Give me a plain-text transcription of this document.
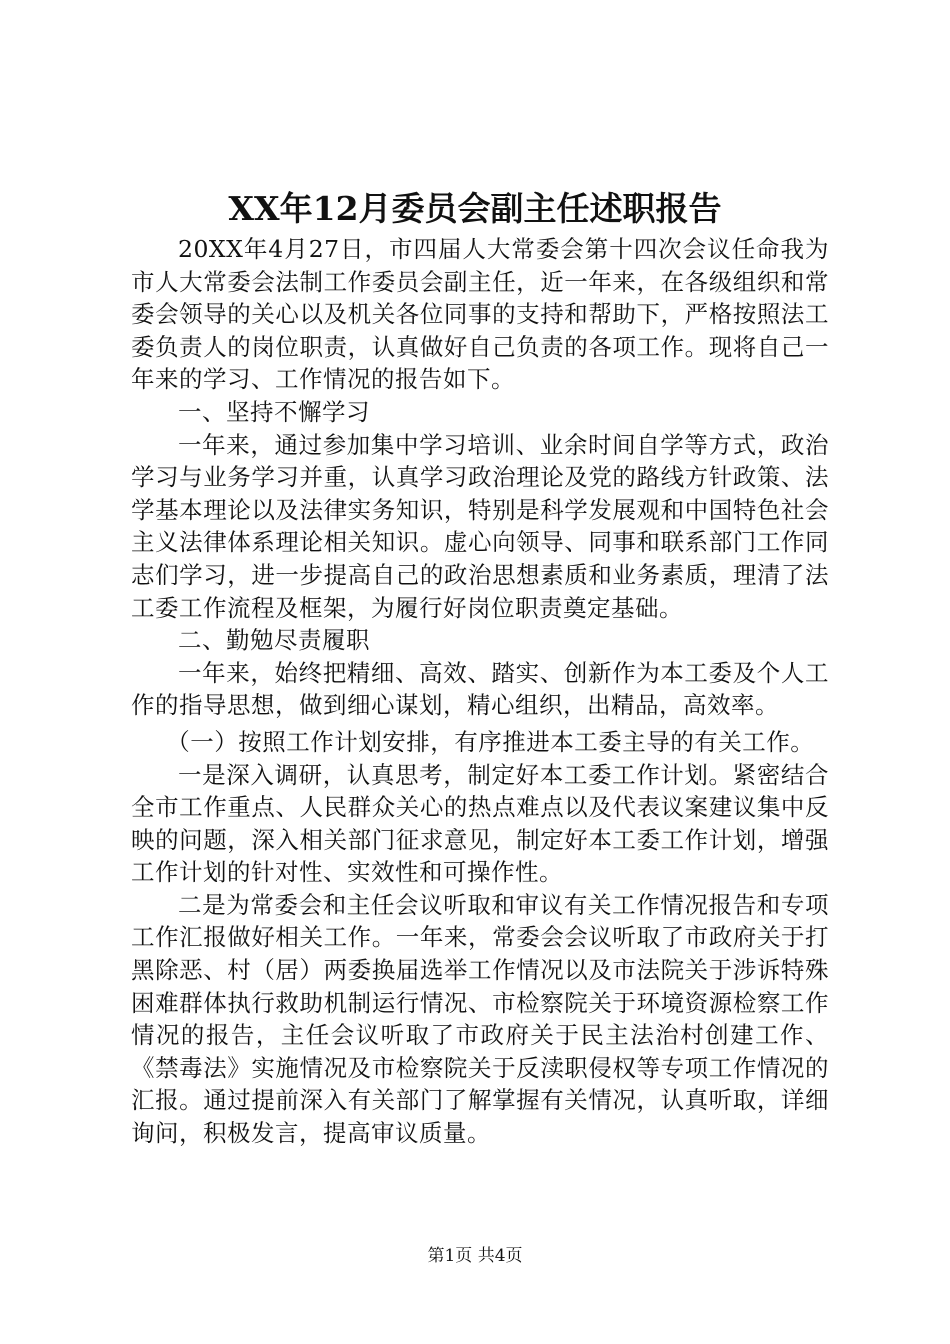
XX年12月委员会副主任述职报告

20XX年4月27日，市四届人大常委会第十四次会议任命我为市人大常委会法制工作委员会副主任，近一年来，在各级组织和常委会领导的关心以及机关各位同事的支持和帮助下，严格按照法工委负责人的岗位职责，认真做好自己负责的各项工作。现将自己一年来的学习、工作情况的报告如下。

一、坚持不懈学习

一年来，通过参加集中学习培训、业余时间自学等方式，政治学习与业务学习并重，认真学习政治理论及党的路线方针政策、法学基本理论以及法律实务知识，特别是科学发展观和中国特色社会主义法律体系理论相关知识。虚心向领导、同事和联系部门工作同志们学习，进一步提高自己的政治思想素质和业务素质，理清了法工委工作流程及框架，为履行好岗位职责奠定基础。

二、勤勉尽责履职

一年来，始终把精细、高效、踏实、创新作为本工委及个人工作的指导思想，做到细心谋划，精心组织，出精品，高效率。

（一）按照工作计划安排，有序推进本工委主导的有关工作。

一是深入调研，认真思考，制定好本工委工作计划。紧密结合全市工作重点、人民群众关心的热点难点以及代表议案建议集中反映的问题，深入相关部门征求意见，制定好本工委工作计划，增强工作计划的针对性、实效性和可操作性。

二是为常委会和主任会议听取和审议有关工作情况报告和专项工作汇报做好相关工作。一年来，常委会会议听取了市政府关于打黑除恶、村（居）两委换届选举工作情况以及市法院关于涉诉特殊困难群体执行救助机制运行情况、市检察院关于环境资源检察工作情况的报告，主任会议听取了市政府关于民主法治村创建工作、《禁毒法》实施情况及市检察院关于反渎职侵权等专项工作情况的汇报。通过提前深入有关部门了解掌握有关情况，认真听取，详细询问，积极发言，提高审议质量。

第1页 共4页
